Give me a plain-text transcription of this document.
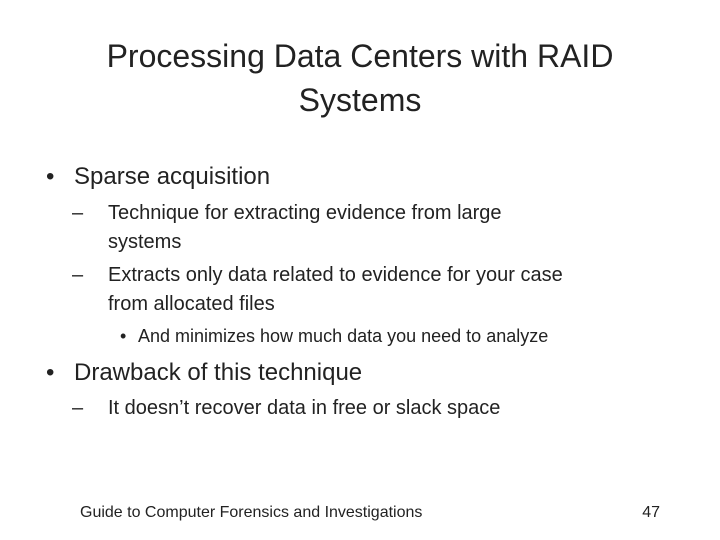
Processing Data Centers with RAID
Systems
• Sparse acquisition
– Technique for extracting evidence from large
systems
– Extracts only data related to evidence for your case
from allocated files
• And minimizes how much data you need to analyze
• Drawback of this technique
– It doesn’t recover data in free or slack space
Guide to Computer Forensics and Investigations	47
